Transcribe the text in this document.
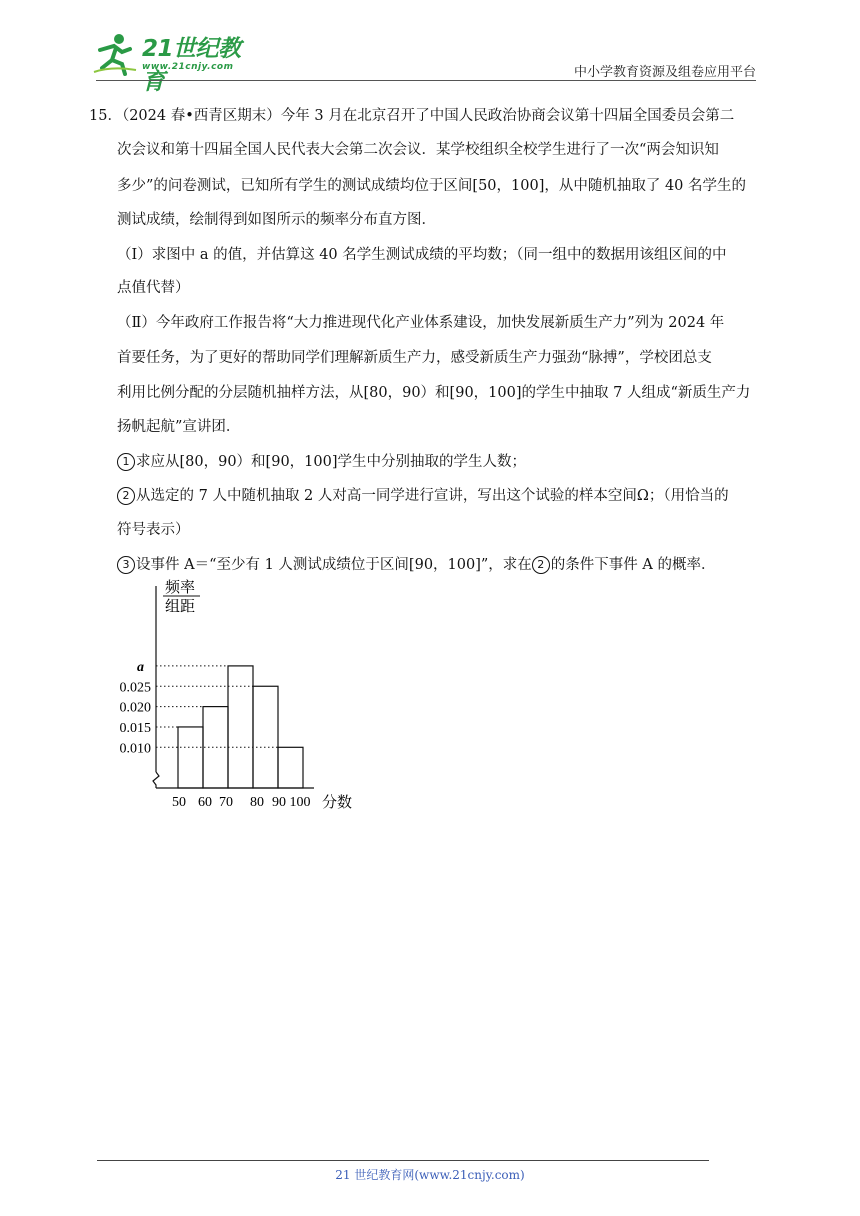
21世纪教育
www.21cnjy.com	中小学教育资源及组卷应用平台
15．（2024 春•西青区期末）今年 3 月在北京召开了中国人民政治协商会议第十四届全国委员会第二
次会议和第十四届全国人民代表大会第二次会议．某学校组织全校学生进行了一次“两会知识知
多少”的问卷测试，已知所有学生的测试成绩均位于区间[50，100]，从中随机抽取了 40 名学生的
测试成绩，绘制得到如图所示的频率分布直方图．
（Ⅰ）求图中 a 的值，并估算这 40 名学生测试成绩的平均数；（同一组中的数据用该组区间的中
点值代替）
（Ⅱ）今年政府工作报告将“大力推进现代化产业体系建设，加快发展新质生产力”列为 2024 年
首要任务，为了更好的帮助同学们理解新质生产力，感受新质生产力强劲“脉搏”，学校团总支
利用比例分配的分层随机抽样方法，从[80，90）和[90，100]的学生中抽取 7 人组成“新质生产力
扬帆起航”宣讲团．
1 求应从[80，90）和[90，100]学生中分别抽取的学生人数；
2 从选定的 7 人中随机抽取 2 人对高一同学进行宣讲，写出这个试验的样本空间Ω；（用恰当的
符号表示）
3 设事件 A＝“至少有 1 人测试成绩位于区间[90，100]”，求在 2 的条件下事件 A 的概率．
频率
组距
a
0.025
0.020
0.015
0.010
50 60 70 80 90 100 分数
21 世纪教育网(www.21cnjy.com)
